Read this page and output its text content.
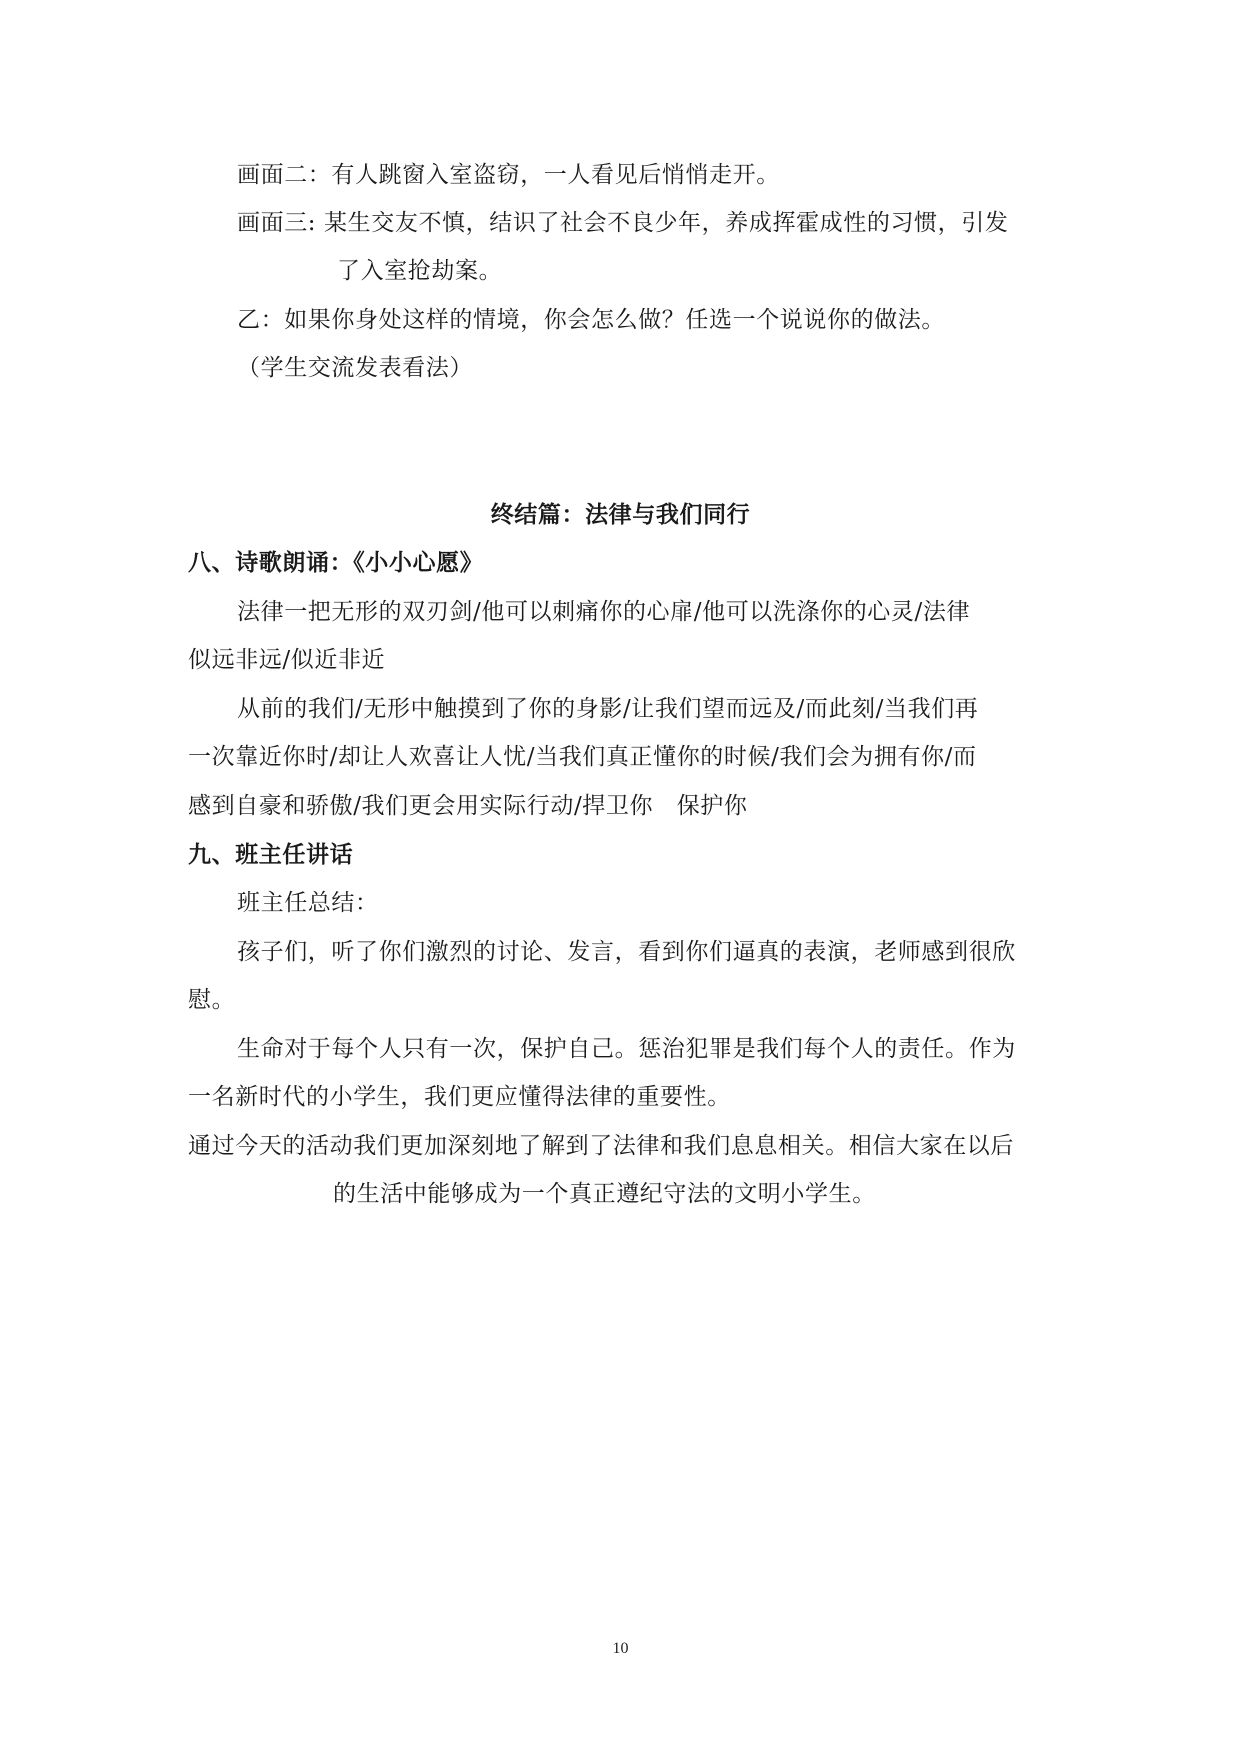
画面二：有人跳窗入室盗窃，一人看见后悄悄走开。
画面三: 某生交友不慎，结识了社会不良少年，养成挥霍成性的习惯，引发
了入室抢劫案。
乙：如果你身处这样的情境，你会怎么做？任选一个说说你的做法。
（学生交流发表看法）
终结篇：法律与我们同行
八、诗歌朗诵：《小小心愿》
法律一把无形的双刃剑/他可以刺痛你的心扉/他可以洗涤你的心灵/法律
似远非远/似近非近
从前的我们/无形中触摸到了你的身影/让我们望而远及/而此刻/当我们再
一次靠近你时/却让人欢喜让人忧/当我们真正懂你的时候/我们会为拥有你/而
感到自豪和骄傲/我们更会用实际行动/捍卫你　保护你
九、班主任讲话
班主任总结：
孩子们，听了你们激烈的讨论、发言，看到你们逼真的表演，老师感到很欣
慰。
生命对于每个人只有一次，保护自己。惩治犯罪是我们每个人的责任。作为
一名新时代的小学生，我们更应懂得法律的重要性。
通过今天的活动我们更加深刻地了解到了法律和我们息息相关。相信大家在以后
的生活中能够成为一个真正遵纪守法的文明小学生。
10
